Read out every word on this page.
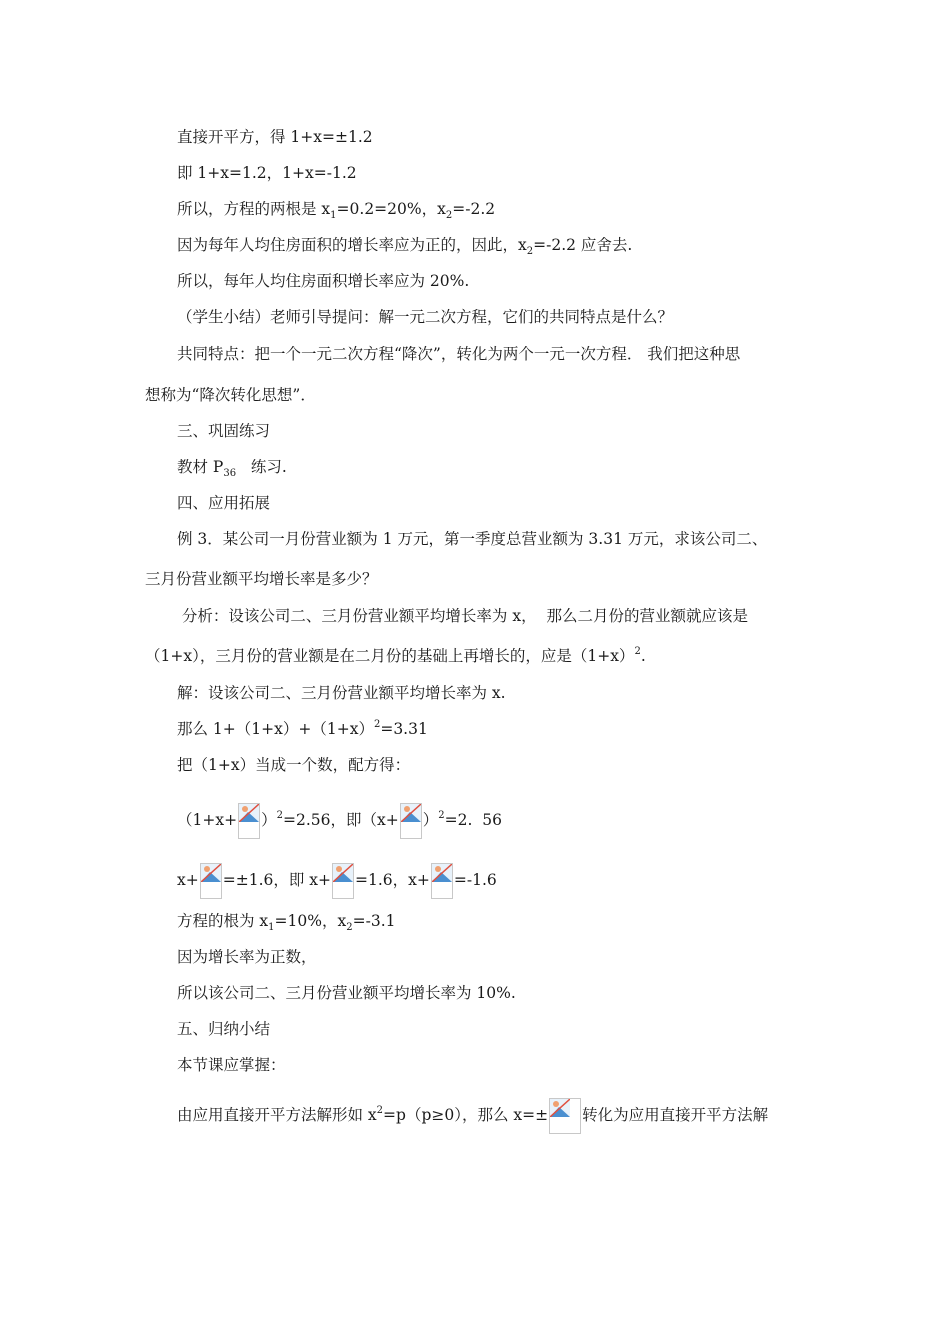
直接开平方，得 1+x=±1.2
即 1+x=1.2，1+x=-1.2
所以，方程的两根是 $x_1=0.2=20\%$，$x_2=-2.2$
因为每年人均住房面积的增长率应为正的，因此，$x_2=-2.2$ 应舍去.
所以，每年人均住房面积增长率应为 20%.
（学生小结）老师引导提问：解一元二次方程，它们的共同特点是什么？
共同特点：把一个一元二次方程“降次”，转化为两个一元一次方程． 我们把这种思
想称为“降次转化思想”．
三、巩固练习
教材 $P_{36}$   练习.
四、应用拓展
例 3．某公司一月份营业额为 1 万元，第一季度总营业额为 3.31 万元，求该公司二、
三月份营业额平均增长率是多少？
分析：设该公司二、三月份营业额平均增长率为 x，  那么二月份的营业额就应该是
（1+x），三月份的营业额是在二月份的基础上再增长的，应是$(1+x)^2$.
解：设该公司二、三月份营业额平均增长率为 x.
那么 $1+(1+x)+(1+x)^2=3.31$
把（1+x）当成一个数，配方得：
$(1+x+ )^2=2.56$，即$(x+ )^2=2$.  56
x+ =±1.6，即 x+ =1.6，x+ =-1.6
方程的根为 $x_1=10\%$，$x_2=-3.1$
因为增长率为正数，
所以该公司二、三月份营业额平均增长率为 10%.
五、归纳小结
本节课应掌握：
由应用直接开平方法解形如 $x^2=p(p\ge 0)$，那么 x=± 转化为应用直接开平方法解
